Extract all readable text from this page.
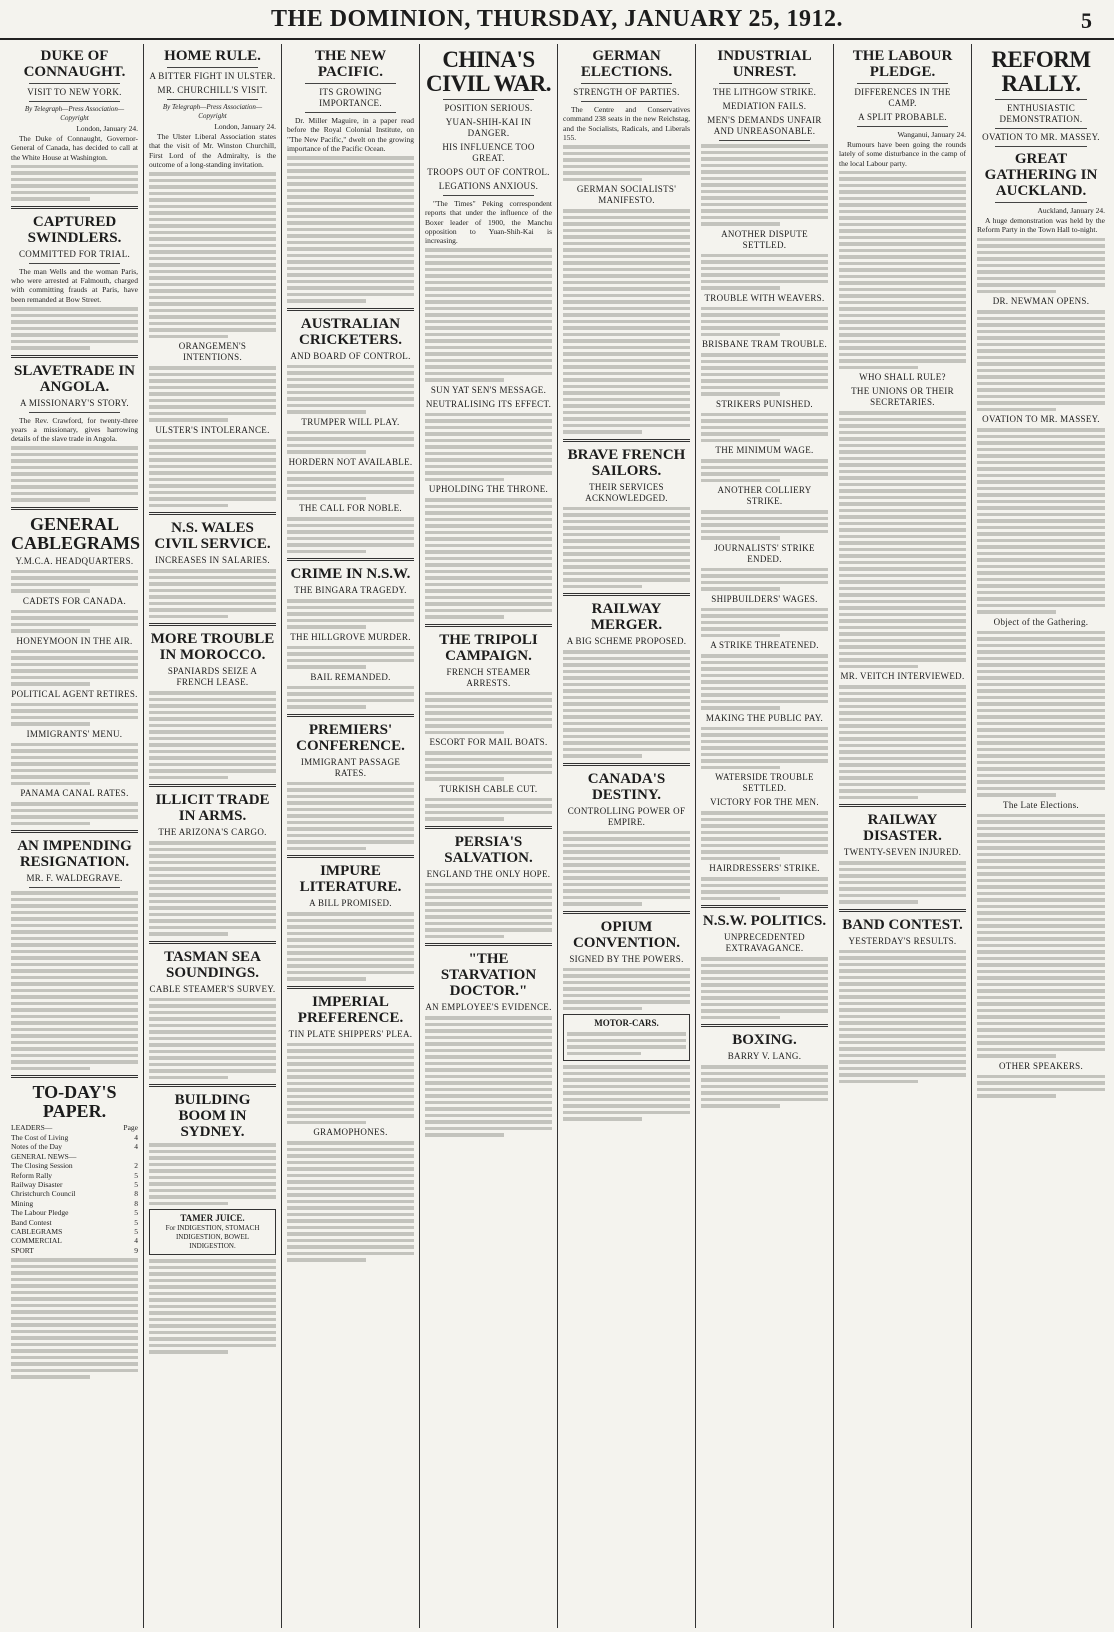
THE DOMINION, THURSDAY, JANUARY 25, 1912.	5
DUKE OF CONNAUGHT.
VISIT TO NEW YORK.
By Telegraph—Press Association—Copyright
London, January 24.

The Duke of Connaught, Governor-General of Canada, has decided to call at the White House at Washington.

CAPTURED SWINDLERS.
COMMITTED FOR TRIAL.

The man Wells and the woman Paris, who were arrested at Falmouth, charged with committing frauds at Paris, have been remanded at Bow Street.

SLAVETRADE IN ANGOLA.
A MISSIONARY'S STORY.

The Rev. Crawford, for twenty-three years a missionary, gives harrowing details of the slave trade in Angola.

GENERAL CABLEGRAMS
Y.M.C.A. HEADQUARTERS.
CADETS FOR CANADA.
HONEYMOON IN THE AIR.
POLITICAL AGENT RETIRES.
IMMIGRANTS' MENU.
PANAMA CANAL RATES.
AN IMPENDING RESIGNATION.
MR. F. WALDEGRAVE.
TO-DAY'S PAPER.
LEADERS—	Page
The Cost of Living	4
Notes of the Day	4
GENERAL NEWS—
The Closing Session	2
Reform Rally	5
Railway Disaster	5
Christchurch Council	8
Mining	8
The Labour Pledge	5
Band Contest	5
CABLEGRAMS	5
COMMERCIAL	4
SPORT	9
HOME RULE.
A BITTER FIGHT IN ULSTER.
MR. CHURCHILL'S VISIT.
By Telegraph—Press Association—Copyright
London, January 24.

The Ulster Liberal Association states that the visit of Mr. Winston Churchill, First Lord of the Admiralty, is the outcome of a long-standing invitation.

ORANGEMEN'S INTENTIONS.
ULSTER'S INTOLERANCE.
N.S. WALES CIVIL SERVICE.
INCREASES IN SALARIES.
MORE TROUBLE IN MOROCCO.
SPANIARDS SEIZE A FRENCH LEASE.
ILLICIT TRADE IN ARMS.
THE ARIZONA'S CARGO.
TASMAN SEA SOUNDINGS.
CABLE STEAMER'S SURVEY.
BUILDING BOOM IN SYDNEY.
TAMER JUICE.
For INDIGESTION, STOMACH INDIGESTION, BOWEL INDIGESTION.
THE NEW PACIFIC.
ITS GROWING IMPORTANCE.

Dr. Miller Maguire, in a paper read before the Royal Colonial Institute, on "The New Pacific," dwelt on the growing importance of the Pacific Ocean.

AUSTRALIAN CRICKETERS.
AND BOARD OF CONTROL.
TRUMPER WILL PLAY.
HORDERN NOT AVAILABLE.
THE CALL FOR NOBLE.
CRIME IN N.S.W.
THE BINGARA TRAGEDY.
THE HILLGROVE MURDER.
BAIL REMANDED.
PREMIERS' CONFERENCE.
IMMIGRANT PASSAGE RATES.
IMPURE LITERATURE.
A BILL PROMISED.
IMPERIAL PREFERENCE.
TIN PLATE SHIPPERS' PLEA.
GRAMOPHONES.
CHINA'S CIVIL WAR.
POSITION SERIOUS.
YUAN-SHIH-KAI IN DANGER.
HIS INFLUENCE TOO GREAT.
TROOPS OUT OF CONTROL.
LEGATIONS ANXIOUS.

"The Times" Peking correspondent reports that under the influence of the Boxer leader of 1900, the Manchu opposition to Yuan-Shih-Kai is increasing.

SUN YAT SEN'S MESSAGE.
NEUTRALISING ITS EFFECT.
UPHOLDING THE THRONE.
THE TRIPOLI CAMPAIGN.
FRENCH STEAMER ARRESTS.
ESCORT FOR MAIL BOATS.
TURKISH CABLE CUT.
PERSIA'S SALVATION.
ENGLAND THE ONLY HOPE.
"THE STARVATION DOCTOR."
AN EMPLOYEE'S EVIDENCE.
GERMAN ELECTIONS.
STRENGTH OF PARTIES.

The Centre and Conservatives command 238 seats in the new Reichstag, and the Socialists, Radicals, and Liberals 155.

GERMAN SOCIALISTS' MANIFESTO.
BRAVE FRENCH SAILORS.
THEIR SERVICES ACKNOWLEDGED.
RAILWAY MERGER.
A BIG SCHEME PROPOSED.
CANADA'S DESTINY.
CONTROLLING POWER OF EMPIRE.
OPIUM CONVENTION.
SIGNED BY THE POWERS.
MOTOR-CARS.
INDUSTRIAL UNREST.
THE LITHGOW STRIKE.
MEDIATION FAILS.
MEN'S DEMANDS UNFAIR AND UNREASONABLE.
ANOTHER DISPUTE SETTLED.
TROUBLE WITH WEAVERS.
BRISBANE TRAM TROUBLE.
STRIKERS PUNISHED.
THE MINIMUM WAGE.
ANOTHER COLLIERY STRIKE.
JOURNALISTS' STRIKE ENDED.
SHIPBUILDERS' WAGES.
A STRIKE THREATENED.
MAKING THE PUBLIC PAY.
WATERSIDE TROUBLE SETTLED.
VICTORY FOR THE MEN.
HAIRDRESSERS' STRIKE.
N.S.W. POLITICS.
UNPRECEDENTED EXTRAVAGANCE.
BOXING.
BARRY V. LANG.
THE LABOUR PLEDGE.
DIFFERENCES IN THE CAMP.
A SPLIT PROBABLE.
Wanganui, January 24.

Rumours have been going the rounds lately of some disturbance in the camp of the local Labour party.

WHO SHALL RULE?
THE UNIONS OR THEIR SECRETARIES.
MR. VEITCH INTERVIEWED.
RAILWAY DISASTER.
TWENTY-SEVEN INJURED.
BAND CONTEST.
YESTERDAY'S RESULTS.
REFORM RALLY.
ENTHUSIASTIC DEMONSTRATION.
OVATION TO MR. MASSEY.
GREAT GATHERING IN AUCKLAND.
Auckland, January 24.

A huge demonstration was held by the Reform Party in the Town Hall to-night.

DR. NEWMAN OPENS.
OVATION TO MR. MASSEY.
Object of the Gathering.
The Late Elections.
OTHER SPEAKERS.
